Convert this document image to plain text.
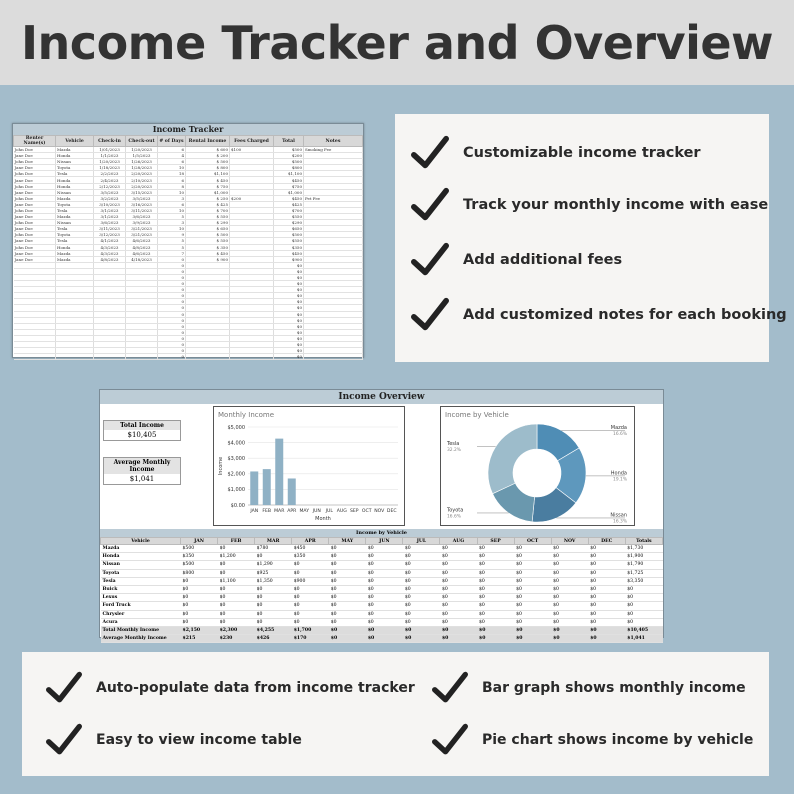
Income Tracker and Overview
Income Tracker
Renter Name(s)	Vehicle	Check-in	Check-out	# of Days	Rental Income	Fees Charged	Total	Notes
John Doe	Mazda	1/01/2023	1/20/2023	6	$ 600	$100	$500	Smoking Fee
Jane Doe	Honda	1/1/2023	1/5/2023	4	$ 200		$200	
John Doe	Nissan	1/20/2023	1/26/2023	6	$ 500		$500	
Jane Doe	Toyota	1/18/2023	1/28/2023	10	$ 800		$800	
John Doe	Tesla	2/2/2023	2/20/2023	18	$1,100		$1,100	
Jane Doe	Honda	2/4/2023	2/10/2023	6	$ 450		$450	
John Doe	Honda	2/12/2023	2/20/2023	8	$ 750		$750	
Jane Doe	Nissan	3/5/2023	3/15/2023	10	$1,000		$1,000	
John Doe	Mazda	3/2/2023	3/5/2023	3	$ 250	$200	$450	Pet Fee
Jane Doe	Toyota	3/10/2023	3/16/2023	6	$ 425		$425	
John Doe	Tesla	3/1/2023	3/11/2023	10	$ 700		$700	
Jane Doe	Mazda	3/1/2023	3/6/2023	5	$ 550		$550	
John Doe	Nissan	3/6/2023	3/9/2023	3	$ 290		$290	
Jane Doe	Tesla	3/11/2023	3/21/2023	10	$ 650		$650	
John Doe	Toyota	3/12/2023	3/21/2023	9	$ 500		$500	
Jane Doe	Tesla	4/1/2023	4/6/2023	5	$ 550		$550	
John Doe	Honda	4/3/2023	4/8/2023	5	$ 350		$350	
Jane Doe	Mazda	4/3/2023	4/6/2023	7	$ 450		$450	
Jane Doe	Mazda	4/8/2023	4/18/2023	0	$ 900		$900	
				0			$0	
				0			$0	
				0			$0	
				0			$0	
				0			$0	
				0			$0	
				0			$0	
				0			$0	
				0			$0	
				0			$0	
				0			$0	
				0			$0	
				0			$0	
				0			$0	
				0			$0	
				0			$0	
Customizable income tracker
Track your monthly income with ease
Add additional fees
Add customized notes for each booking
Income Overview
Total Income
$10,405
Average Monthly Income
$1,041
Monthly Income
$0.00
$1,000
$2,000
$3,000
$4,000
$5,000
JAN FEB MAR APR MAY JUN JUL AUG SEP OCT NOV DEC
Month
Income
Income by Vehicle
Mazda
16.6%
Honda
19.1%
Nissan
16.3%
Toyota
16.6%
Tesla
32.2%
Income by Vehicle
Vehicle	JAN	FEB	MAR	APR	MAY	JUN	JUL	AUG	SEP	OCT	NOV	DEC	Totals
Mazda	$500	$0	$780	$450	$0	$0	$0	$0	$0	$0	$0	$0	$1,730
Honda	$350	$1,200	$0	$350	$0	$0	$0	$0	$0	$0	$0	$0	$1,900
Nissan	$500	$0	$1,290	$0	$0	$0	$0	$0	$0	$0	$0	$0	$1,790
Toyota	$800	$0	$925	$0	$0	$0	$0	$0	$0	$0	$0	$0	$1,725
Tesla	$0	$1,100	$1,350	$900	$0	$0	$0	$0	$0	$0	$0	$0	$3,350
Buick	$0	$0	$0	$0	$0	$0	$0	$0	$0	$0	$0	$0	$0
Lexus	$0	$0	$0	$0	$0	$0	$0	$0	$0	$0	$0	$0	$0
Ford Truck	$0	$0	$0	$0	$0	$0	$0	$0	$0	$0	$0	$0	$0
Chrysler	$0	$0	$0	$0	$0	$0	$0	$0	$0	$0	$0	$0	$0
Acura	$0	$0	$0	$0	$0	$0	$0	$0	$0	$0	$0	$0	$0
Total Monthly Income	$2,150	$2,300	$4,255	$1,700	$0	$0	$0	$0	$0	$0	$0	$0	$10,405
Average Monthly Income	$215	$230	$426	$170	$0	$0	$0	$0	$0	$0	$0	$0	$1,041
Auto-populate data from income tracker	Bar graph shows monthly income
Easy to view income table	Pie chart shows income by vehicle
